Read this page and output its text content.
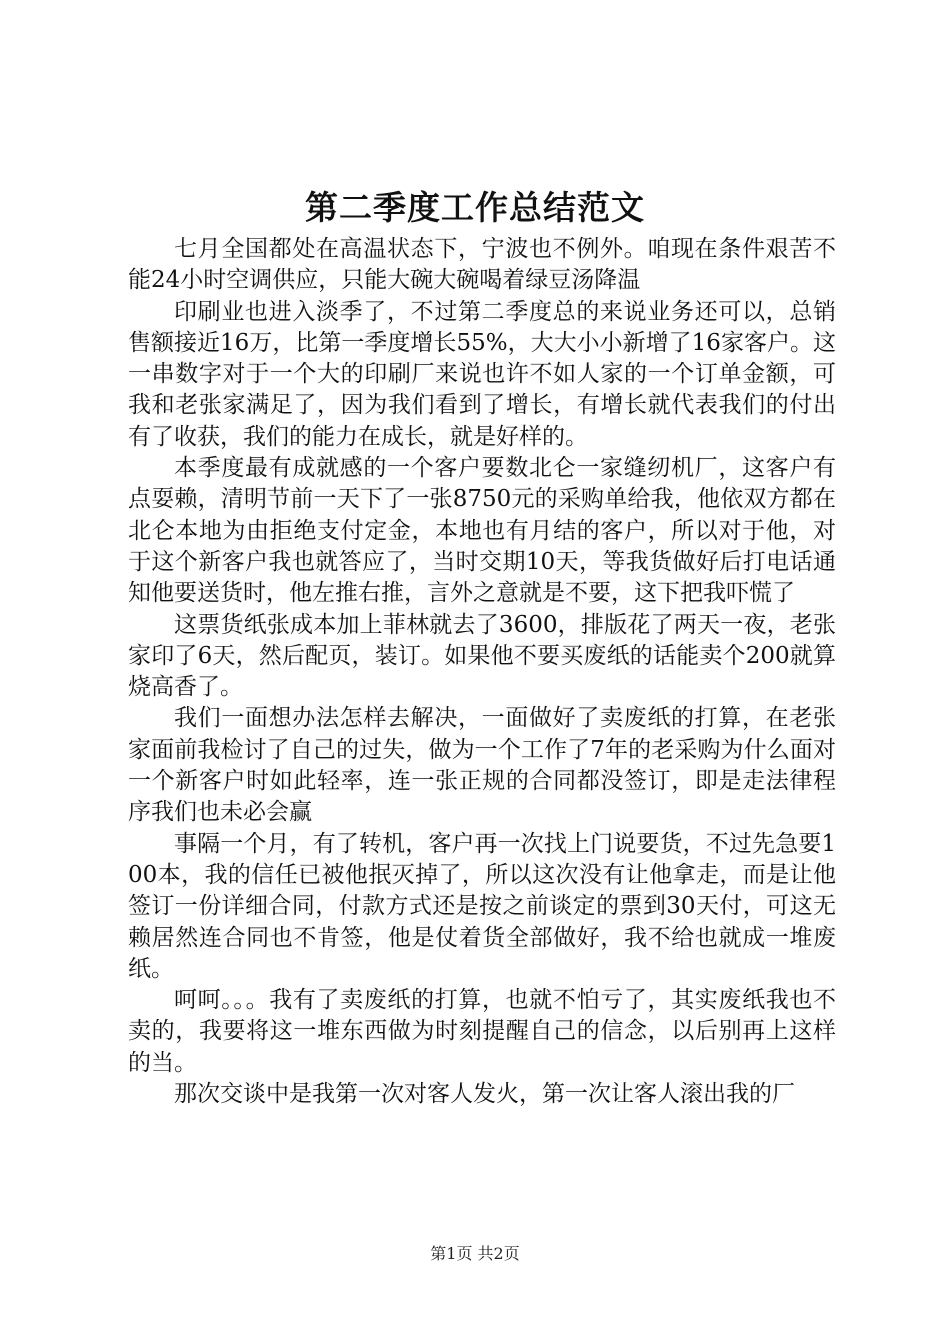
第二季度工作总结范文

七月全国都处在高温状态下，宁波也不例外。咱现在条件艰苦不能24小时空调供应，只能大碗大碗喝着绿豆汤降温

印刷业也进入淡季了，不过第二季度总的来说业务还可以，总销售额接近16万，比第一季度增长55%，大大小小新增了16家客户。这一串数字对于一个大的印刷厂来说也许不如人家的一个订单金额，可我和老张家满足了，因为我们看到了增长，有增长就代表我们的付出有了收获，我们的能力在成长，就是好样的。

本季度最有成就感的一个客户要数北仑一家缝纫机厂，这客户有点耍赖，清明节前一天下了一张8750元的采购单给我，他依双方都在北仑本地为由拒绝支付定金，本地也有月结的客户，所以对于他，对于这个新客户我也就答应了，当时交期10天，等我货做好后打电话通知他要送货时，他左推右推，言外之意就是不要，这下把我吓慌了

这票货纸张成本加上菲林就去了3600，排版花了两天一夜，老张家印了6天，然后配页，装订。如果他不要买废纸的话能卖个200就算烧高香了。

我们一面想办法怎样去解决，一面做好了卖废纸的打算，在老张家面前我检讨了自己的过失，做为一个工作了7年的老采购为什么面对一个新客户时如此轻率，连一张正规的合同都没签订，即是走法律程序我们也未必会赢

事隔一个月，有了转机，客户再一次找上门说要货，不过先急要100本，我的信任已被他抿灭掉了，所以这次没有让他拿走，而是让他签订一份详细合同，付款方式还是按之前谈定的票到30天付，可这无赖居然连合同也不肯签，他是仗着货全部做好，我不给也就成一堆废纸。

呵呵。。。我有了卖废纸的打算，也就不怕亏了，其实废纸我也不卖的，我要将这一堆东西做为时刻提醒自己的信念，以后别再上这样的当。

那次交谈中是我第一次对客人发火，第一次让客人滚出我的厂

第1页 共2页
